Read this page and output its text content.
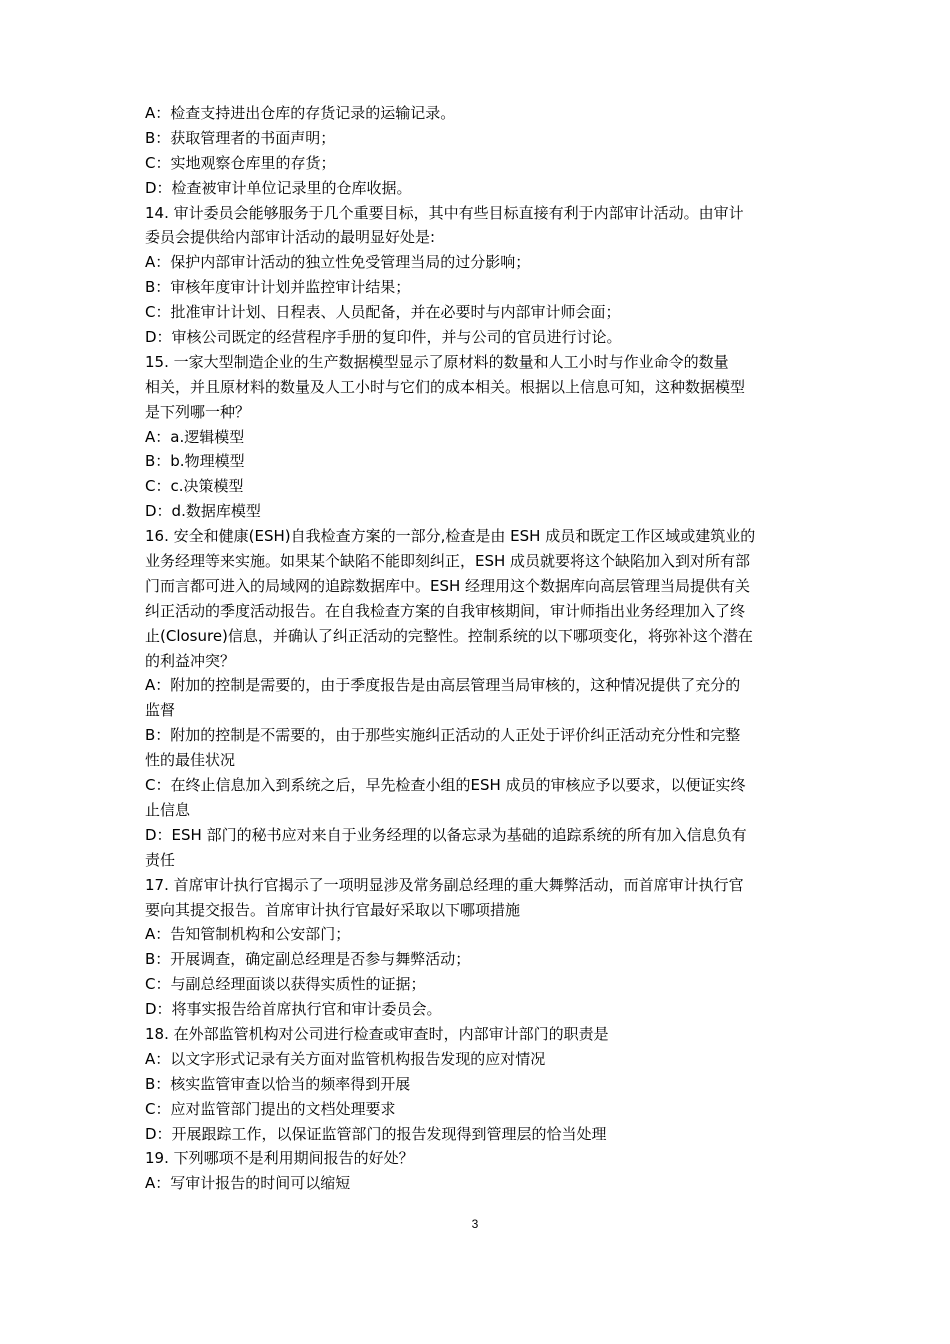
A：检查支持进出仓库的存货记录的运输记录。
B：获取管理者的书面声明；
C：实地观察仓库里的存货；
D：检查被审计单位记录里的仓库收据。
14. 审计委员会能够服务于几个重要目标，其中有些目标直接有利于内部审计活动。由审计
委员会提供给内部审计活动的最明显好处是:
A：保护内部审计活动的独立性免受管理当局的过分影响；
B：审核年度审计计划并监控审计结果；
C：批准审计计划、日程表、人员配备，并在必要时与内部审计师会面；
D：审核公司既定的经营程序手册的复印件，并与公司的官员进行讨论。
15. 一家大型制造企业的生产数据模型显示了原材料的数量和人工小时与作业命令的数量
相关，并且原材料的数量及人工小时与它们的成本相关。根据以上信息可知，这种数据模型
是下列哪一种？
A：a.逻辑模型
B：b.物理模型
C：c.决策模型
D：d.数据库模型
16. 安全和健康(ESH)自我检查方案的一部分,检查是由 ESH 成员和既定工作区域或建筑业的
业务经理等来实施。如果某个缺陷不能即刻纠正，ESH 成员就要将这个缺陷加入到对所有部
门而言都可进入的局域网的追踪数据库中。ESH 经理用这个数据库向高层管理当局提供有关
纠正活动的季度活动报告。在自我检查方案的自我审核期间，审计师指出业务经理加入了终
止(Closure)信息，并确认了纠正活动的完整性。控制系统的以下哪项变化，将弥补这个潜在
的利益冲突？
A：附加的控制是需要的，由于季度报告是由高层管理当局审核的，这种情况提供了充分的
监督
B：附加的控制是不需要的，由于那些实施纠正活动的人正处于评价纠正活动充分性和完整
性的最佳状况
C：在终止信息加入到系统之后，早先检查小组的ESH 成员的审核应予以要求，以便证实终
止信息
D：ESH 部门的秘书应对来自于业务经理的以备忘录为基础的追踪系统的所有加入信息负有
责任
17. 首席审计执行官揭示了一项明显涉及常务副总经理的重大舞弊活动，而首席审计执行官
要向其提交报告。首席审计执行官最好采取以下哪项措施
A：告知管制机构和公安部门；
B：开展调查，确定副总经理是否参与舞弊活动；
C：与副总经理面谈以获得实质性的证据；
D：将事实报告给首席执行官和审计委员会。
18. 在外部监管机构对公司进行检查或审查时，内部审计部门的职责是
A：以文字形式记录有关方面对监管机构报告发现的应对情况
B：核实监管审查以恰当的频率得到开展
C：应对监管部门提出的文档处理要求
D：开展跟踪工作，以保证监管部门的报告发现得到管理层的恰当处理
19. 下列哪项不是利用期间报告的好处？
A：写审计报告的时间可以缩短
3
